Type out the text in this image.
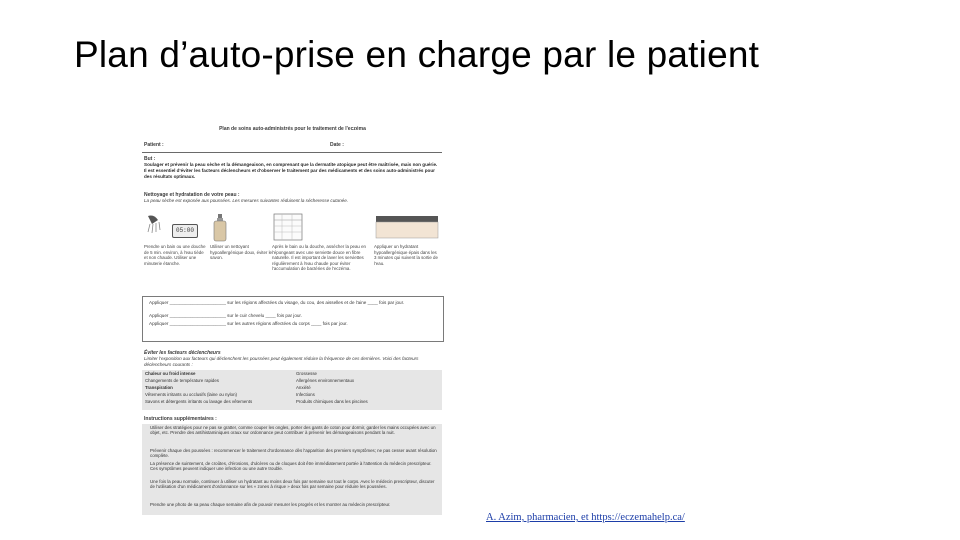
Plan d’auto-prise en charge par le patient
Plan de soins auto-administrés pour le traitement de l'eczéma
Patient :	Date :
But :
Soulager et prévenir la peau sèche et la démangeaison, en comprenant que la dermatite atopique peut être maîtrisée, mais non guérie. Il est essentiel d'éviter les facteurs déclencheurs et d'observer le traitement par des médicaments et des soins auto-administrés pour des résultats optimaux.
Nettoyage et hydratation de votre peau :
La peau sèche est exposée aux poussées. Les mesures suivantes réduisent la sécheresse cutanée.
05:00
Prendre un bain ou une douche de 5 min. environ, à l'eau tiède et non chaude. Utiliser une minuterie étanche.
Utiliser un nettoyant hypoallergénique doux, éviter le savon.
Après le bain ou la douche, assécher la peau en l'épongeant avec une serviette douce en fibre naturelle. Il est important de laver les serviettes régulièrement à l'eau chaude pour éviter l'accumulation de bactéries de l'eczéma.
Appliquer un hydratant hypoallergénique épais dans les 3 minutes qui suivent la sortie de l'eau.
Appliquer ______________________ sur les régions affectées du visage, du cou, des aisselles et de l'aine ____ fois par jour.
Appliquer ______________________ sur le cuir chevelu ____ fois par jour.
Appliquer ______________________ sur les autres régions affectées du corps ____ fois par jour.
Éviter les facteurs déclencheurs
Limiter l'exposition aux facteurs qui déclenchent les poussées peut également réduire la fréquence de ces dernières. Voici des facteurs déclencheurs courants :
Chaleur ou froid intense
Changements de température rapides
Transpiration
Vêtements irritants ou occlusifs (laine ou nylon)
Savons et détergents irritants ou lavage des vêtements
Grossesse
Allergènes environnementaux
Anxiété
Infections
Produits chimiques dans les piscines
Instructions supplémentaires :
Utiliser des stratégies pour ne pas se gratter, comme couper les ongles, porter des gants de coton pour dormir, garder les mains occupées avec un objet, etc. Prendre des antihistaminiques oraux sur ordonnance peut contribuer à prévenir les démangeaisons pendant la nuit.
Prévenir chaque des poussées : recommencer le traitement d'ordonnance dès l'apparition des premiers symptômes; ne pas cesser avant résolution complète.
La présence de suintement, de croûtes, d'érosions, d'ulcères ou de cloques doit être immédiatement portée à l'attention du médecin prescripteur. Ces symptômes peuvent indiquer une infection ou une autre trouble.
Une fois la peau normale, continuer à utiliser un hydratant au moins deux fois par semaine sur tout le corps. Avec le médecin prescripteur, discuter de l'utilisation d'un médicament d'ordonnance sur les « zones à risque » deux fois par semaine pour réduire les poussées.
Prendre une photo de sa peau chaque semaine afin de pouvoir mesurer les progrès et les montrer au médecin prescripteur.
A. Azim, pharmacien, et https://eczemahelp.ca/
